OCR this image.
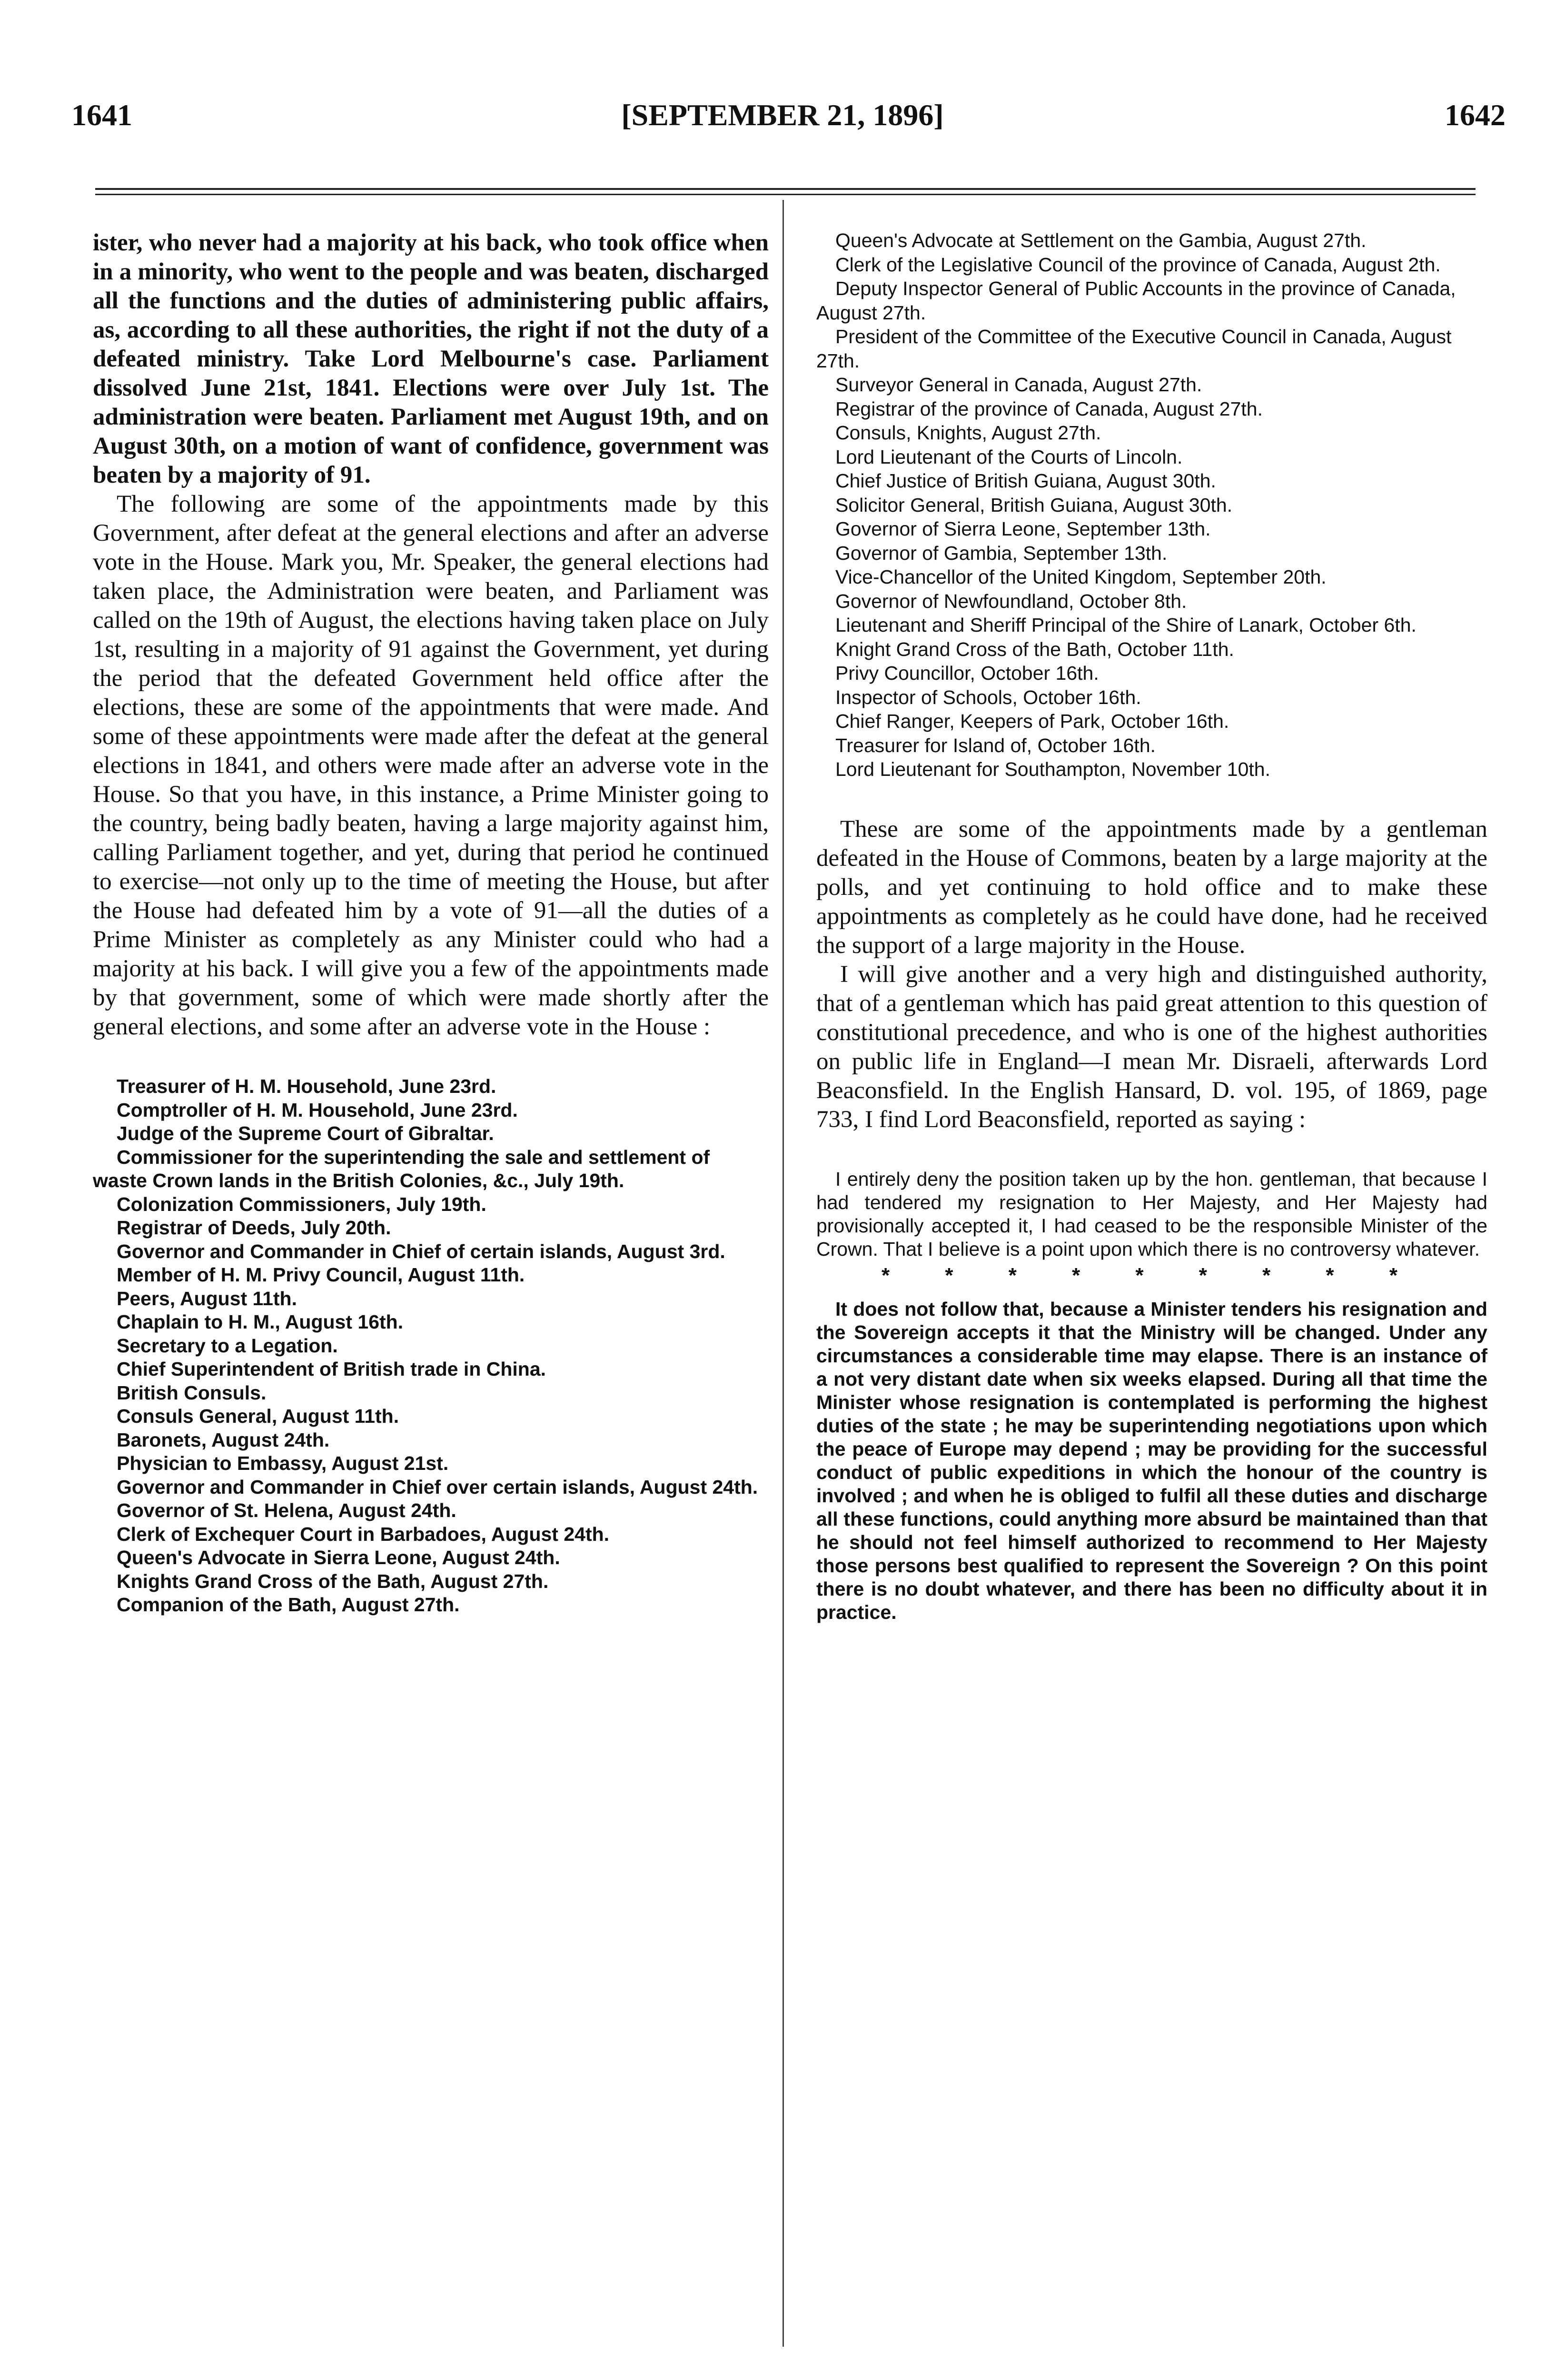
1641	[SEPTEMBER 21, 1896]	1642

ister, who never had a majority at his back, who took office when in a minority, who went to the people and was beaten, discharged all the functions and the duties of administering public affairs, as, according to all these authorities, the right if not the duty of a defeated ministry. Take Lord Melbourne's case. Parliament dissolved June 21st, 1841. Elections were over July 1st. The administration were beaten. Parliament met August 19th, and on August 30th, on a motion of want of confidence, government was beaten by a majority of 91.

The following are some of the appointments made by this Government, after defeat at the general elections and after an adverse vote in the House. Mark you, Mr. Speaker, the general elections had taken place, the Administration were beaten, and Parliament was called on the 19th of August, the elections having taken place on July 1st, resulting in a majority of 91 against the Government, yet during the period that the defeated Government held office after the elections, these are some of the appointments that were made. And some of these appointments were made after the defeat at the general elections in 1841, and others were made after an adverse vote in the House. So that you have, in this instance, a Prime Minister going to the country, being badly beaten, having a large majority against him, calling Parliament together, and yet, during that period he continued to exercise—not only up to the time of meeting the House, but after the House had defeated him by a vote of 91—all the duties of a Prime Minister as completely as any Minister could who had a majority at his back. I will give you a few of the appointments made by that government, some of which were made shortly after the general elections, and some after an adverse vote in the House :

Treasurer of H. M. Household, June 23rd.
Comptroller of H. M. Household, June 23rd.
Judge of the Supreme Court of Gibraltar.
Commissioner for the superintending the sale and settlement of waste Crown lands in the British Colonies, &c., July 19th.
Colonization Commissioners, July 19th.
Registrar of Deeds, July 20th.
Governor and Commander in Chief of certain islands, August 3rd.
Member of H. M. Privy Council, August 11th.
Peers, August 11th.
Chaplain to H. M., August 16th.
Secretary to a Legation.
Chief Superintendent of British trade in China.
British Consuls.
Consuls General, August 11th.
Baronets, August 24th.
Physician to Embassy, August 21st.
Governor and Commander in Chief over certain islands, August 24th.
Governor of St. Helena, August 24th.
Clerk of Exchequer Court in Barbadoes, August 24th.
Queen's Advocate in Sierra Leone, August 24th.
Knights Grand Cross of the Bath, August 27th.
Companion of the Bath, August 27th.
Queen's Advocate at Settlement on the Gambia, August 27th.
Clerk of the Legislative Council of the province of Canada, August 2th.
Deputy Inspector General of Public Accounts in the province of Canada, August 27th.
President of the Committee of the Executive Council in Canada, August 27th.
Surveyor General in Canada, August 27th.
Registrar of the province of Canada, August 27th.
Consuls, Knights, August 27th.
Lord Lieutenant of the Courts of Lincoln.
Chief Justice of British Guiana, August 30th.
Solicitor General, British Guiana, August 30th.
Governor of Sierra Leone, September 13th.
Governor of Gambia, September 13th.
Vice-Chancellor of the United Kingdom, September 20th.
Governor of Newfoundland, October 8th.
Lieutenant and Sheriff Principal of the Shire of Lanark, October 6th.
Knight Grand Cross of the Bath, October 11th.
Privy Councillor, October 16th.
Inspector of Schools, October 16th.
Chief Ranger, Keepers of Park, October 16th.
Treasurer for Island of, October 16th.
Lord Lieutenant for Southampton, November 10th.

These are some of the appointments made by a gentleman defeated in the House of Commons, beaten by a large majority at the polls, and yet continuing to hold office and to make these appointments as completely as he could have done, had he received the support of a large majority in the House.

I will give another and a very high and distinguished authority, that of a gentleman which has paid great attention to this question of constitutional precedence, and who is one of the highest authorities on public life in England—I mean Mr. Disraeli, afterwards Lord Beaconsfield. In the English Hansard, D. vol. 195, of 1869, page 733, I find Lord Beaconsfield, reported as saying :

I entirely deny the position taken up by the hon. gentleman, that because I had tendered my resignation to Her Majesty, and Her Majesty had provisionally accepted it, I had ceased to be the responsible Minister of the Crown. That I believe is a point upon which there is no controversy whatever.

* * * * * * * * *

It does not follow that, because a Minister tenders his resignation and the Sovereign accepts it that the Ministry will be changed. Under any circumstances a considerable time may elapse. There is an instance of a not very distant date when six weeks elapsed. During all that time the Minister whose resignation is contemplated is performing the highest duties of the state ; he may be superintending negotiations upon which the peace of Europe may depend ; may be providing for the successful conduct of public expeditions in which the honour of the country is involved ; and when he is obliged to fulfil all these duties and discharge all these functions, could anything more absurd be maintained than that he should not feel himself authorized to recommend to Her Majesty those persons best qualified to represent the Sovereign ? On this point there is no doubt whatever, and there has been no difficulty about it in practice.
